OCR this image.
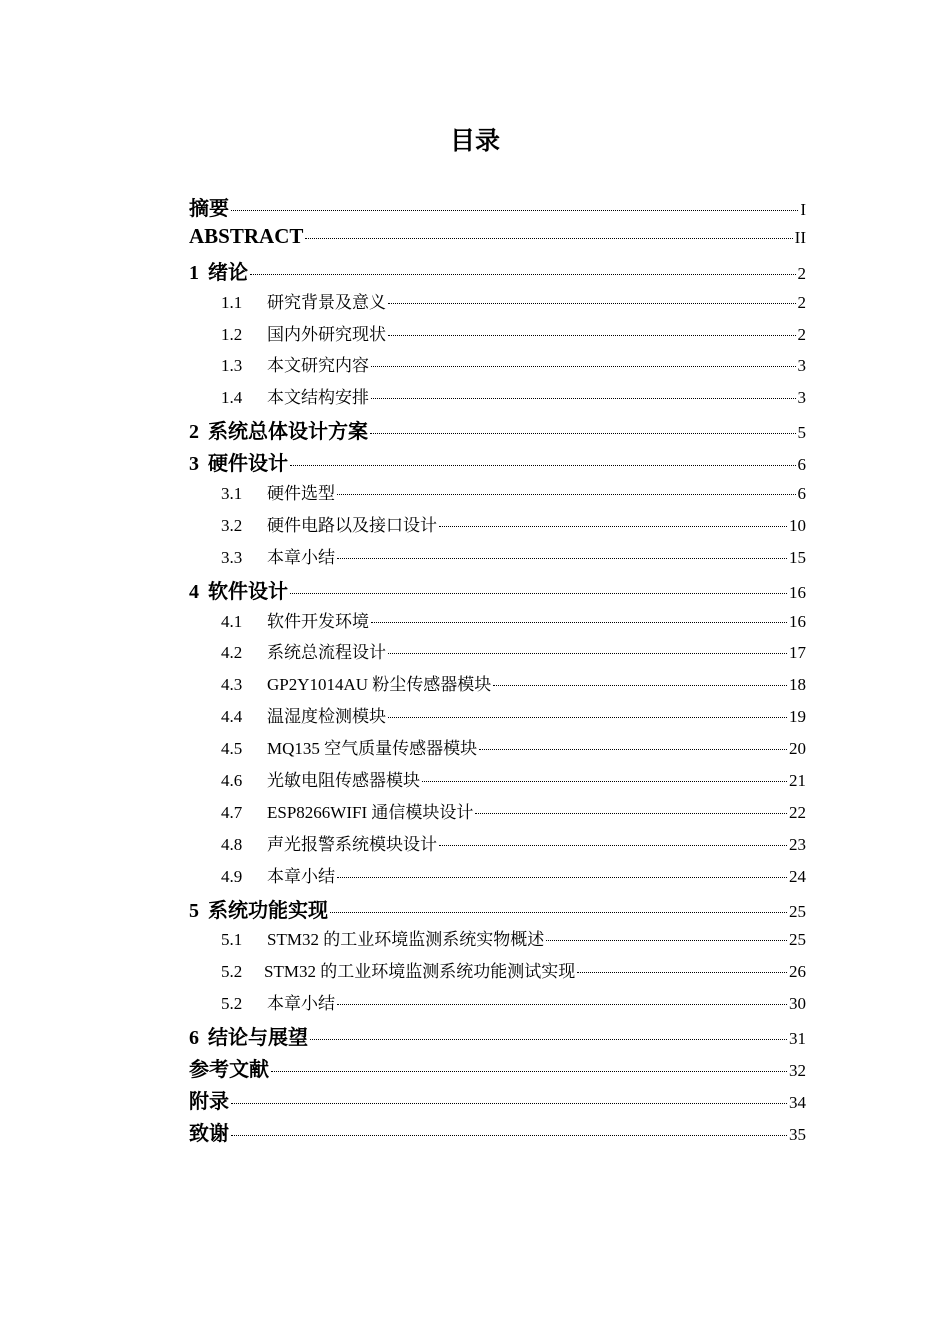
目录
摘要	I
ABSTRACT	II
1 绪论	2
1.1	研究背景及意义	2
1.2	国内外研究现状	2
1.3	本文研究内容	3
1.4	本文结构安排	3
2 系统总体设计方案	5
3 硬件设计	6
3.1	硬件选型	6
3.2	硬件电路以及接口设计	10
3.3	本章小结	15
4 软件设计	16
4.1	软件开发环境	16
4.2	系统总流程设计	17
4.3	GP2Y1014AU 粉尘传感器模块	18
4.4	温湿度检测模块	19
4.5	MQ135 空气质量传感器模块	20
4.6	光敏电阻传感器模块	21
4.7	ESP8266WIFI 通信模块设计	22
4.8	声光报警系统模块设计	23
4.9	本章小结	24
5 系统功能实现	25
5.1	STM32 的工业环境监测系统实物概述	25
5.2	STM32 的工业环境监测系统功能测试实现	26
5.2	本章小结	30
6 结论与展望	31
参考文献	32
附录	34
致谢	35
